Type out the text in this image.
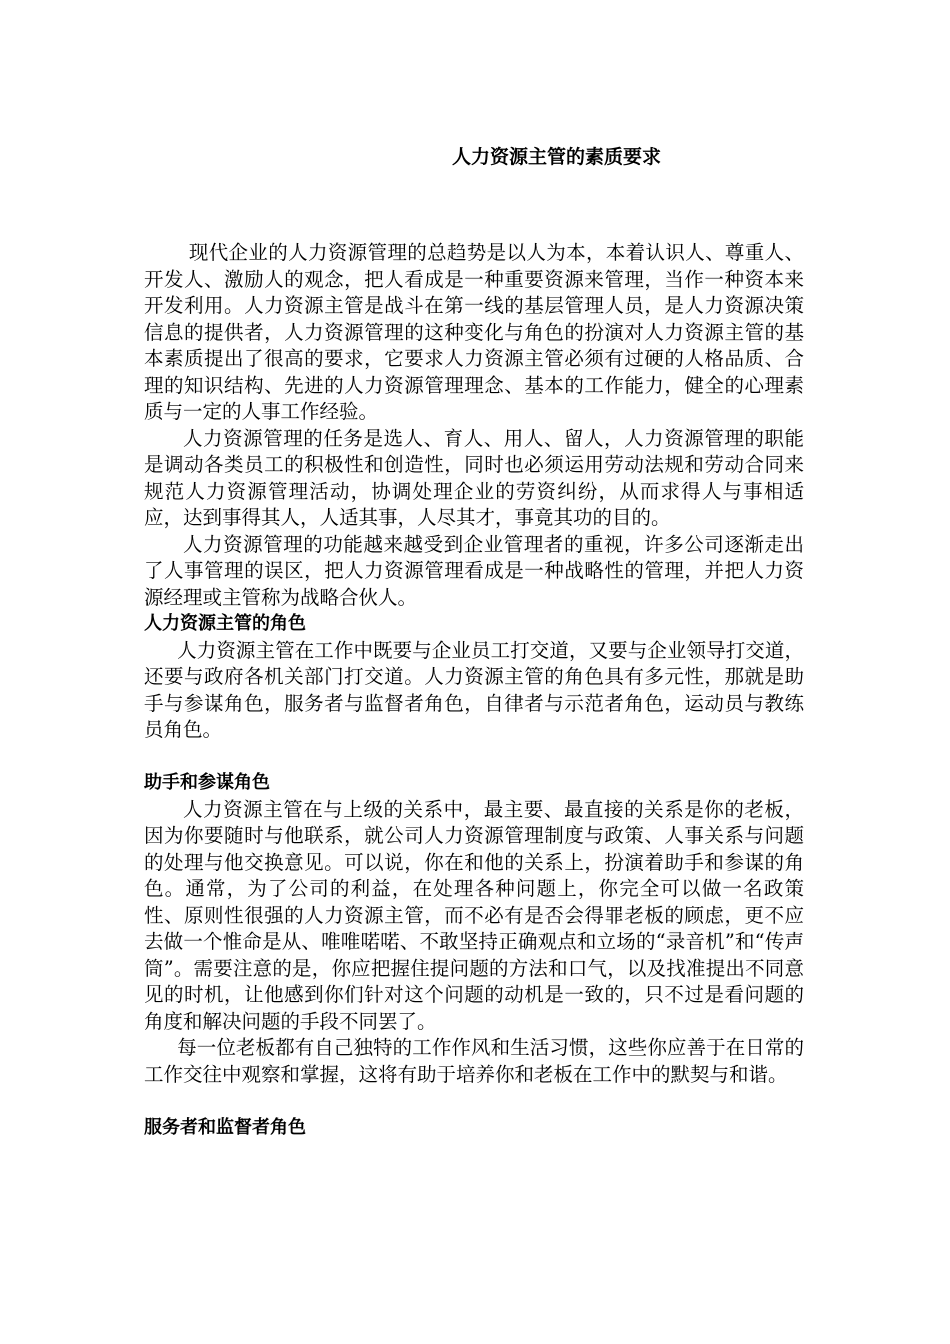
人力资源主管的素质要求

现代企业的人力资源管理的总趋势是以人为本，本着认识人、尊重人、开发人、激励人的观念，把人看成是一种重要资源来管理，当作一种资本来开发利用。人力资源主管是战斗在第一线的基层管理人员，是人力资源决策信息的提供者，人力资源管理的这种变化与角色的扮演对人力资源主管的基本素质提出了很高的要求，它要求人力资源主管必须有过硬的人格品质、合理的知识结构、先进的人力资源管理理念、基本的工作能力，健全的心理素质与一定的人事工作经验。

人力资源管理的任务是选人、育人、用人、留人，人力资源管理的职能是调动各类员工的积极性和创造性，同时也必须运用劳动法规和劳动合同来规范人力资源管理活动，协调处理企业的劳资纠纷，从而求得人与事相适应，达到事得其人，人适其事，人尽其才，事竟其功的目的。

人力资源管理的功能越来越受到企业管理者的重视，许多公司逐渐走出了人事管理的误区，把人力资源管理看成是一种战略性的管理，并把人力资源经理或主管称为战略合伙人。

人力资源主管的角色

人力资源主管在工作中既要与企业员工打交道，又要与企业领导打交道，还要与政府各机关部门打交道。人力资源主管的角色具有多元性，那就是助手与参谋角色，服务者与监督者角色，自律者与示范者角色，运动员与教练员角色。

助手和参谋角色

人力资源主管在与上级的关系中，最主要、最直接的关系是你的老板，因为你要随时与他联系，就公司人力资源管理制度与政策、人事关系与问题的处理与他交换意见。可以说，你在和他的关系上，扮演着助手和参谋的角色。通常，为了公司的利益，在处理各种问题上，你完全可以做一名政策性、原则性很强的人力资源主管，而不必有是否会得罪老板的顾虑，更不应去做一个惟命是从、唯唯喏喏、不敢坚持正确观点和立场的“录音机”和“传声筒”。需要注意的是，你应把握住提问题的方法和口气，以及找准提出不同意见的时机，让他感到你们针对这个问题的动机是一致的，只不过是看问题的角度和解决问题的手段不同罢了。

每一位老板都有自己独特的工作作风和生活习惯，这些你应善于在日常的工作交往中观察和掌握，这将有助于培养你和老板在工作中的默契与和谐。

服务者和监督者角色
